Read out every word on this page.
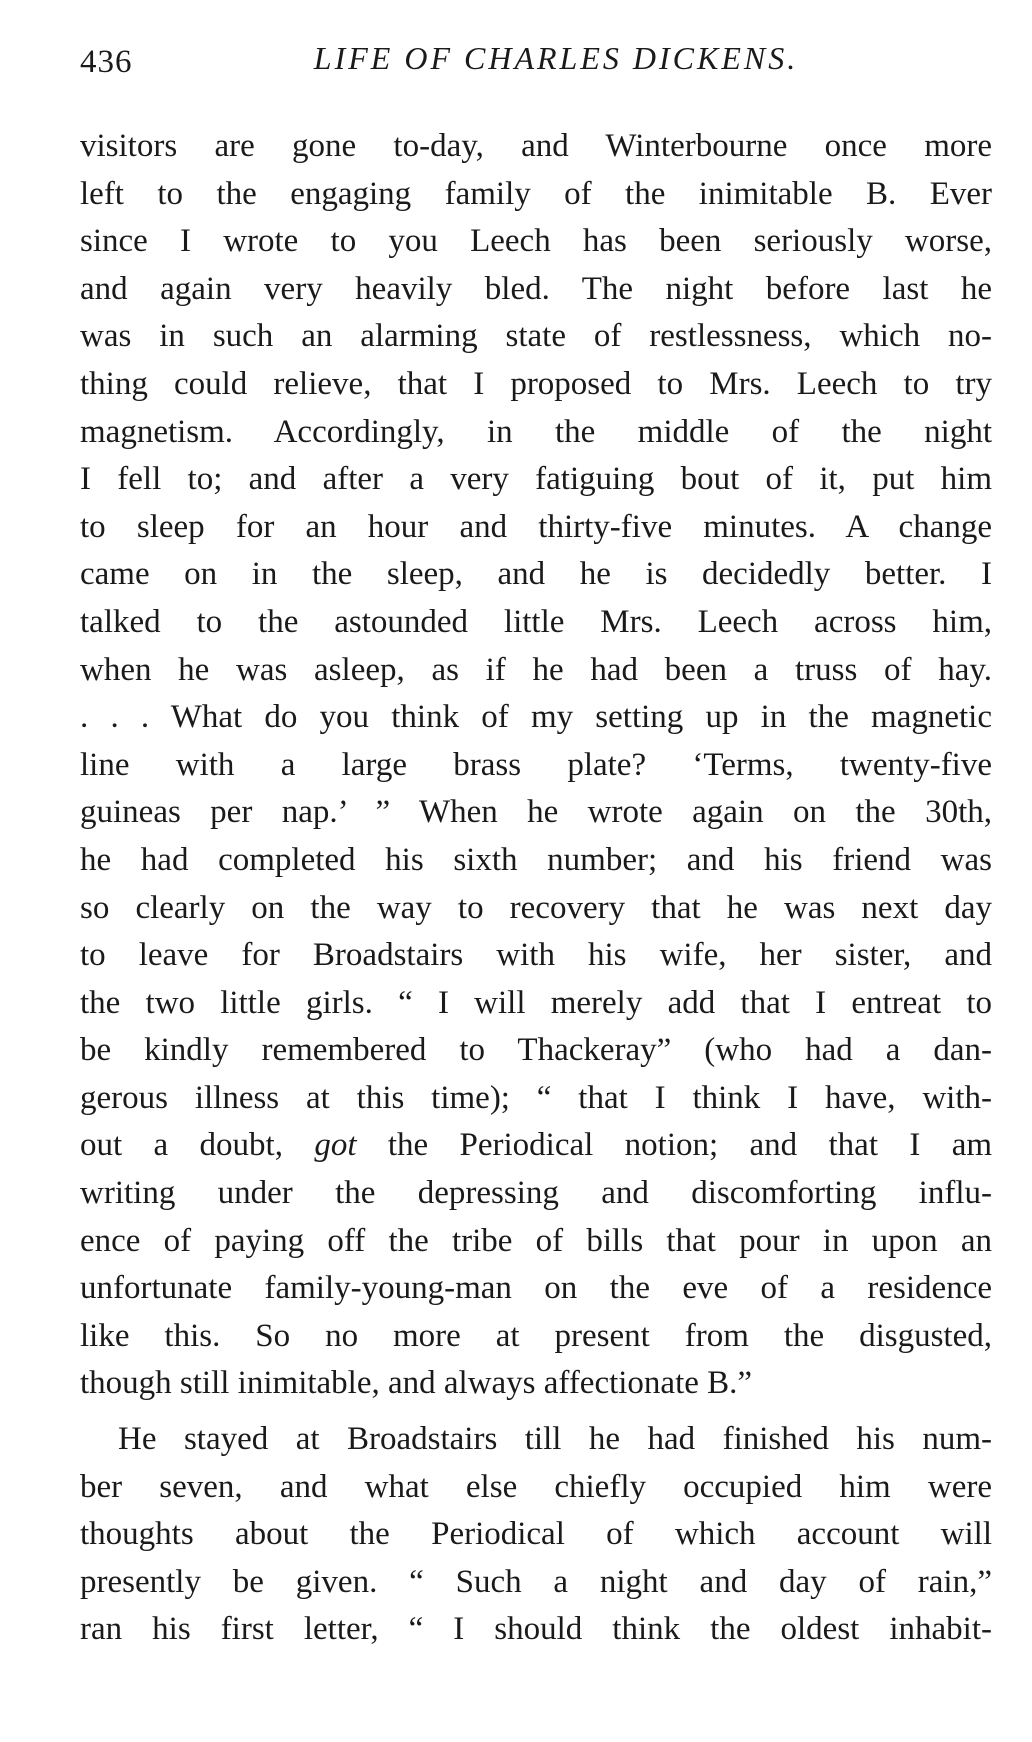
436	LIFE OF CHARLES DICKENS.
visitors are gone to-day, and Winterbourne once more
left to the engaging family of the inimitable B. Ever
since I wrote to you Leech has been seriously worse,
and again very heavily bled. The night before last he
was in such an alarming state of restlessness, which no-
thing could relieve, that I proposed to Mrs. Leech to try
magnetism. Accordingly, in the middle of the night
I fell to; and after a very fatiguing bout of it, put him
to sleep for an hour and thirty-five minutes. A change
came on in the sleep, and he is decidedly better. I
talked to the astounded little Mrs. Leech across him,
when he was asleep, as if he had been a truss of hay.
. . . What do you think of my setting up in the magnetic
line with a large brass plate? ‘Terms, twenty-five
guineas per nap.’ ” When he wrote again on the 30th,
he had completed his sixth number; and his friend was
so clearly on the way to recovery that he was next day
to leave for Broadstairs with his wife, her sister, and
the two little girls. “ I will merely add that I entreat to
be kindly remembered to Thackeray” (who had a dan-
gerous illness at this time); “ that I think I have, with-
out a doubt, got the Periodical notion; and that I am
writing under the depressing and discomforting influ-
ence of paying off the tribe of bills that pour in upon an
unfortunate family-young-man on the eve of a residence
like this. So no more at present from the disgusted,
though still inimitable, and always affectionate B.”
He stayed at Broadstairs till he had finished his num-
ber seven, and what else chiefly occupied him were
thoughts about the Periodical of which account will
presently be given. “ Such a night and day of rain,”
ran his first letter, “ I should think the oldest inhabit-
